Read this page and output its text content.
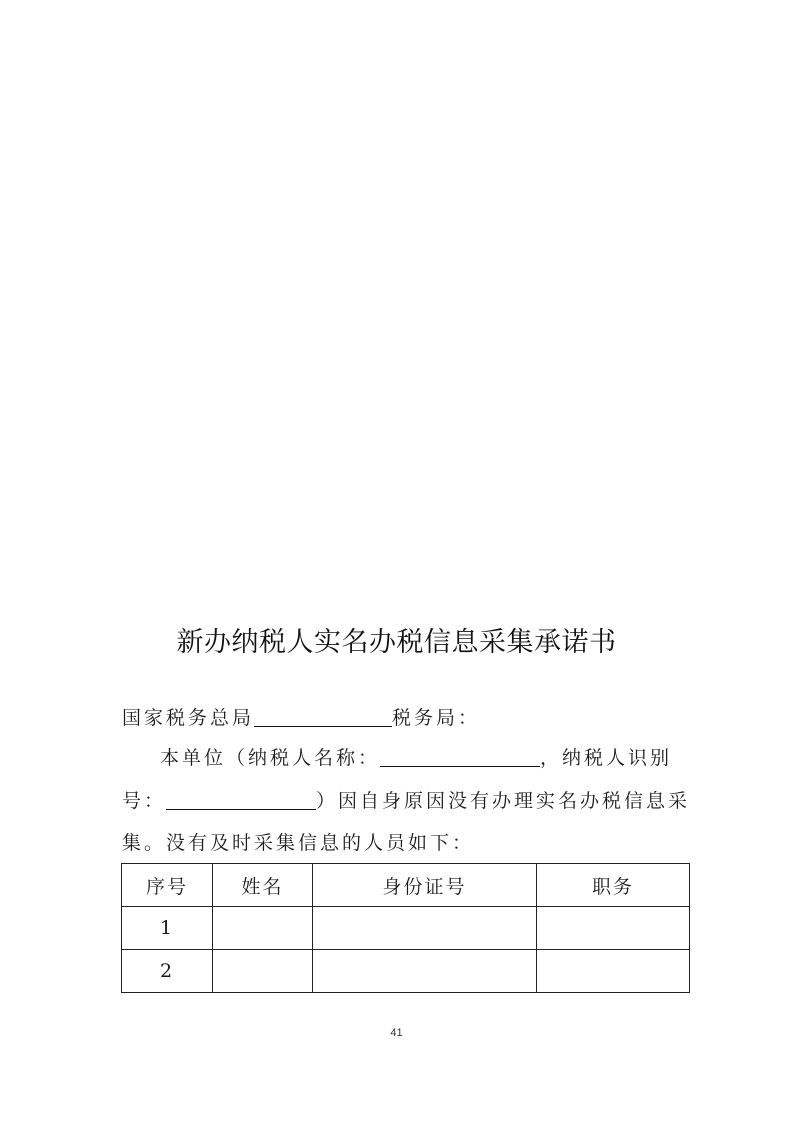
新办纳税人实名办税信息采集承诺书
国家税务总局	税务局：
本单位（纳税人名称：	，纳税人识别
号：	）因自身原因没有办理实名办税信息采
集。没有及时采集信息的人员如下：
序号	姓名	身份证号	职务
1			
2			
41
